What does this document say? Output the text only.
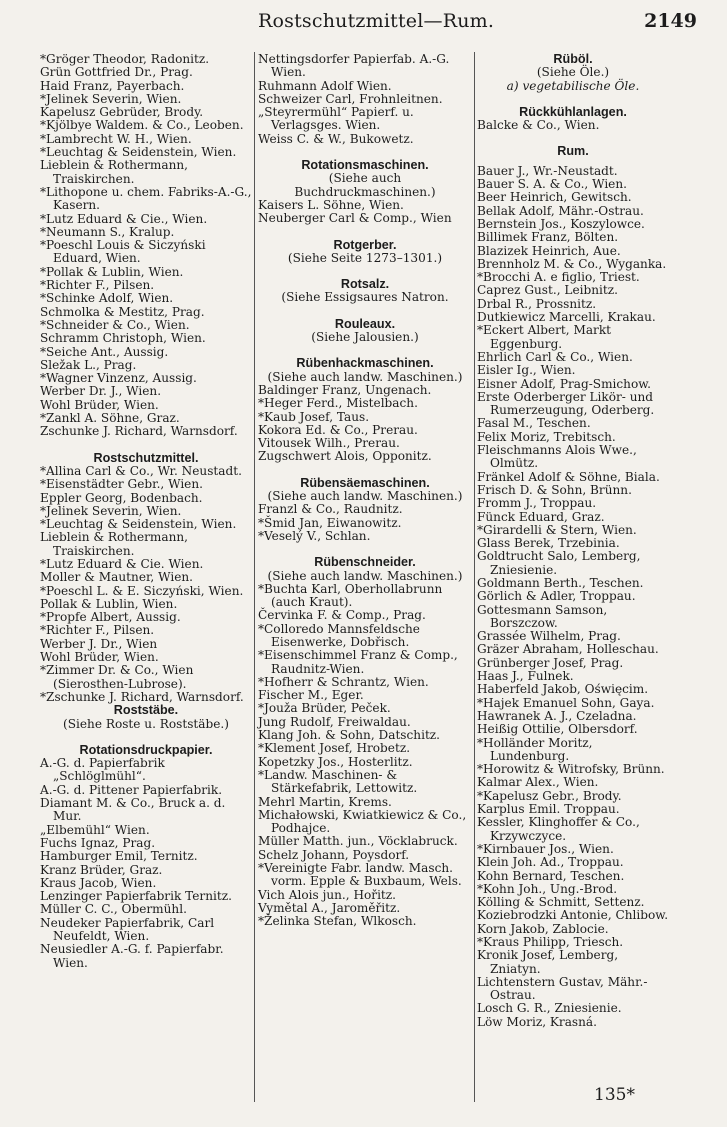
Rostschutzmittel—Rum.	2149
*Gröger Theodor, Radonitz.
Grün Gottfried Dr., Prag.
Haid Franz, Payerbach.
*Jelinek Severin, Wien.
Kapelusz Gebrüder, Brody.
*Kjölbye Waldem. & Co., Leoben.
*Lambrecht W. H., Wien.
*Leuchtag & Seidenstein, Wien.
Lieblein & Rothermann, Traiskirchen.
*Lithopone u. chem. Fabriks-A.-G., Kasern.
*Lutz Eduard & Cie., Wien.
*Neumann S., Kralup.
*Poeschl Louis & Siczyński Eduard, Wien.
*Pollak & Lublin, Wien.
*Richter F., Pilsen.
*Schinke Adolf, Wien.
Schmolka & Mestitz, Prag.
*Schneider & Co., Wien.
Schramm Christoph, Wien.
*Seiche Ant., Aussig.
Sležak L., Prag.
*Wagner Vinzenz, Aussig.
Werber Dr. J., Wien.
Wohl Brüder, Wien.
*Zankl A. Söhne, Graz.
Zschunke J. Richard, Warnsdorf.
Rostschutzmittel.
*Allina Carl & Co., Wr. Neustadt.
*Eisenstädter Gebr., Wien.
Eppler Georg, Bodenbach.
*Jelinek Severin, Wien.
*Leuchtag & Seidenstein, Wien.
Lieblein & Rothermann, Traiskirchen.
*Lutz Eduard & Cie. Wien.
Moller & Mautner, Wien.
*Poeschl L. & E. Siczyński, Wien.
Pollak & Lublin, Wien.
*Propfe Albert, Aussig.
*Richter F., Pilsen.
Werber J. Dr., Wien
Wohl Brüder, Wien.
*Zimmer Dr. & Co., Wien (Sierosthen-Lubrose).
*Zschunke J. Richard, Warnsdorf.
Roststäbe.
(Siehe Roste u. Roststäbe.)
Rotationsdruckpapier.
A.-G. d. Papierfabrik „Schlöglmühl“.
A.-G. d. Pittener Papierfabrik.
Diamant M. & Co., Bruck a. d. Mur.
„Elbemühl“ Wien.
Fuchs Ignaz, Prag.
Hamburger Emil, Ternitz.
Kranz Brüder, Graz.
Kraus Jacob, Wien.
Lenzinger Papierfabrik Ternitz.
Müller C. C., Obermühl.
Neudeker Papierfabrik, Carl Neufeldt, Wien.
Neusiedler A.-G. f. Papierfabr. Wien.
Nettingsdorfer Papierfab. A.-G. Wien.
Ruhmann Adolf Wien.
Schweizer Carl, Frohnleitnen.
„Steyrermühl“ Papierf. u. Verlagsges. Wien.
Weiss C. & W., Bukowetz.
Rotationsmaschinen.
(Siehe auch Buchdruckmaschinen.)
Kaisers L. Söhne, Wien.
Neuberger Carl & Comp., Wien
Rotgerber.
(Siehe Seite 1273–1301.)
Rotsalz.
(Siehe Essigsaures Natron.
Rouleaux.
(Siehe Jalousien.)
Rübenhackmaschinen.
(Siehe auch landw. Maschinen.)
Baldinger Franz, Ungenach.
*Heger Ferd., Mistelbach.
*Kaub Josef, Taus.
Kokora Ed. & Co., Prerau.
Vitousek Wilh., Prerau.
Zugschwert Alois, Opponitz.
Rübensäemaschinen.
(Siehe auch landw. Maschinen.)
Franzl & Co., Raudnitz.
*Šmid Jan, Eiwanowitz.
*Veselý V., Schlan.
Rübenschneider.
(Siehe auch landw. Maschinen.)
*Buchta Karl, Oberhollabrunn (auch Kraut).
Červinka F. & Comp., Prag.
*Colloredo Mannsfeldsche Eisenwerke, Dobřisch.
*Eisenschimmel Franz & Comp., Raudnitz-Wien.
*Hofherr & Schrantz, Wien.
Fischer M., Eger.
*Jouža Brüder, Peček.
Jung Rudolf, Freiwaldau.
Klang Joh. & Sohn, Datschitz.
*Klement Josef, Hrobetz.
Kopetzky Jos., Hosterlitz.
*Landw. Maschinen- & Stärkefabrik, Lettowitz.
Mehrl Martin, Krems.
Michałowski, Kwiatkiewicz & Co., Podhajce.
Müller Matth. jun., Vöcklabruck.
Schelz Johann, Poysdorf.
*Vereinigte Fabr. landw. Masch. vorm. Epple & Buxbaum, Wels.
Vich Alois jun., Hořitz.
Vymětal A., Jaroměřitz.
*Želinka Stefan, Wlkosch.
Rüböl.
(Siehe Öle.)
a) vegetabilische Öle.
Rückkühlanlagen.
Balcke & Co., Wien.
Rum.
Bauer J., Wr.-Neustadt.
Bauer S. A. & Co., Wien.
Beer Heinrich, Gewitsch.
Bellak Adolf, Mähr.-Ostrau.
Bernstein Jos., Koszylowce.
Billimek Franz, Bölten.
Blazizek Heinrich, Aue.
Brennholz M. & Co., Wyganka.
*Brocchi A. e figlio, Triest.
Caprez Gust., Leibnitz.
Drbal R., Prossnitz.
Dutkiewicz Marcelli, Krakau.
*Eckert Albert, Markt Eggenburg.
Ehrlich Carl & Co., Wien.
Eisler Ig., Wien.
Eisner Adolf, Prag-Smichow.
Erste Oderberger Likör- und Rumerzeugung, Oderberg.
Fasal M., Teschen.
Felix Moriz, Trebitsch.
Fleischmanns Alois Wwe., Olmütz.
Fränkel Adolf & Söhne, Biala.
Frisch D. & Sohn, Brünn.
Fromm J., Troppau.
Fünck Eduard, Graz.
*Girardelli & Stern, Wien.
Glass Berek, Trzebinia.
Goldtrucht Salo, Lemberg, Zniesienie.
Goldmann Berth., Teschen.
Görlich & Adler, Troppau.
Gottesmann Samson, Borszczow.
Grassée Wilhelm, Prag.
Gräzer Abraham, Holleschau.
Grünberger Josef, Prag.
Haas J., Fulnek.
Haberfeld Jakob, Oświęcim.
*Hajek Emanuel Sohn, Gaya.
Hawranek A. J., Czeladna.
Heißig Ottilie, Olbersdorf.
*Holländer Moritz, Lundenburg.
*Horowitz & Witrofsky, Brünn.
Kalmar Alex., Wien.
*Kapelusz Gebr., Brody.
Karplus Emil. Troppau.
Kessler, Klinghoffer & Co., Krzywczyce.
*Kirnbauer Jos., Wien.
Klein Joh. Ad., Troppau.
Kohn Bernard, Teschen.
*Kohn Joh., Ung.-Brod.
Kölling & Schmitt, Settenz.
Koziebrodzki Antonie, Chlibow.
Korn Jakob, Zablocie.
*Kraus Philipp, Triesch.
Kronik Josef, Lemberg, Zniatyn.
Lichtenstern Gustav, Mähr.-Ostrau.
Losch G. R., Zniesienie.
Löw Moriz, Krasná.
135*
